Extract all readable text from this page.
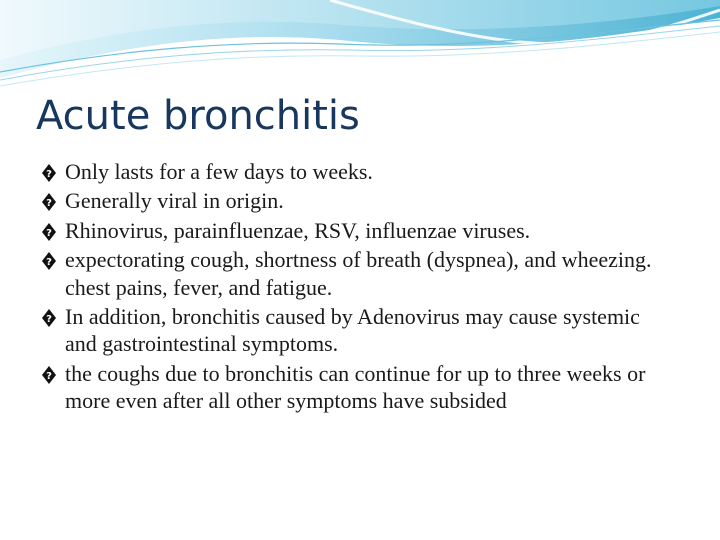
Acute bronchitis
? Only lasts for a few days to weeks.
? Generally viral in origin.
? Rhinovirus, parainfluenzae, RSV, influenzae viruses.
? expectorating cough, shortness of breath (dyspnea), and wheezing. chest pains, fever, and fatigue.
? In addition, bronchitis caused by Adenovirus may cause systemic and gastrointestinal symptoms.
? the coughs due to bronchitis can continue for up to three weeks or more even after all other symptoms have subsided
